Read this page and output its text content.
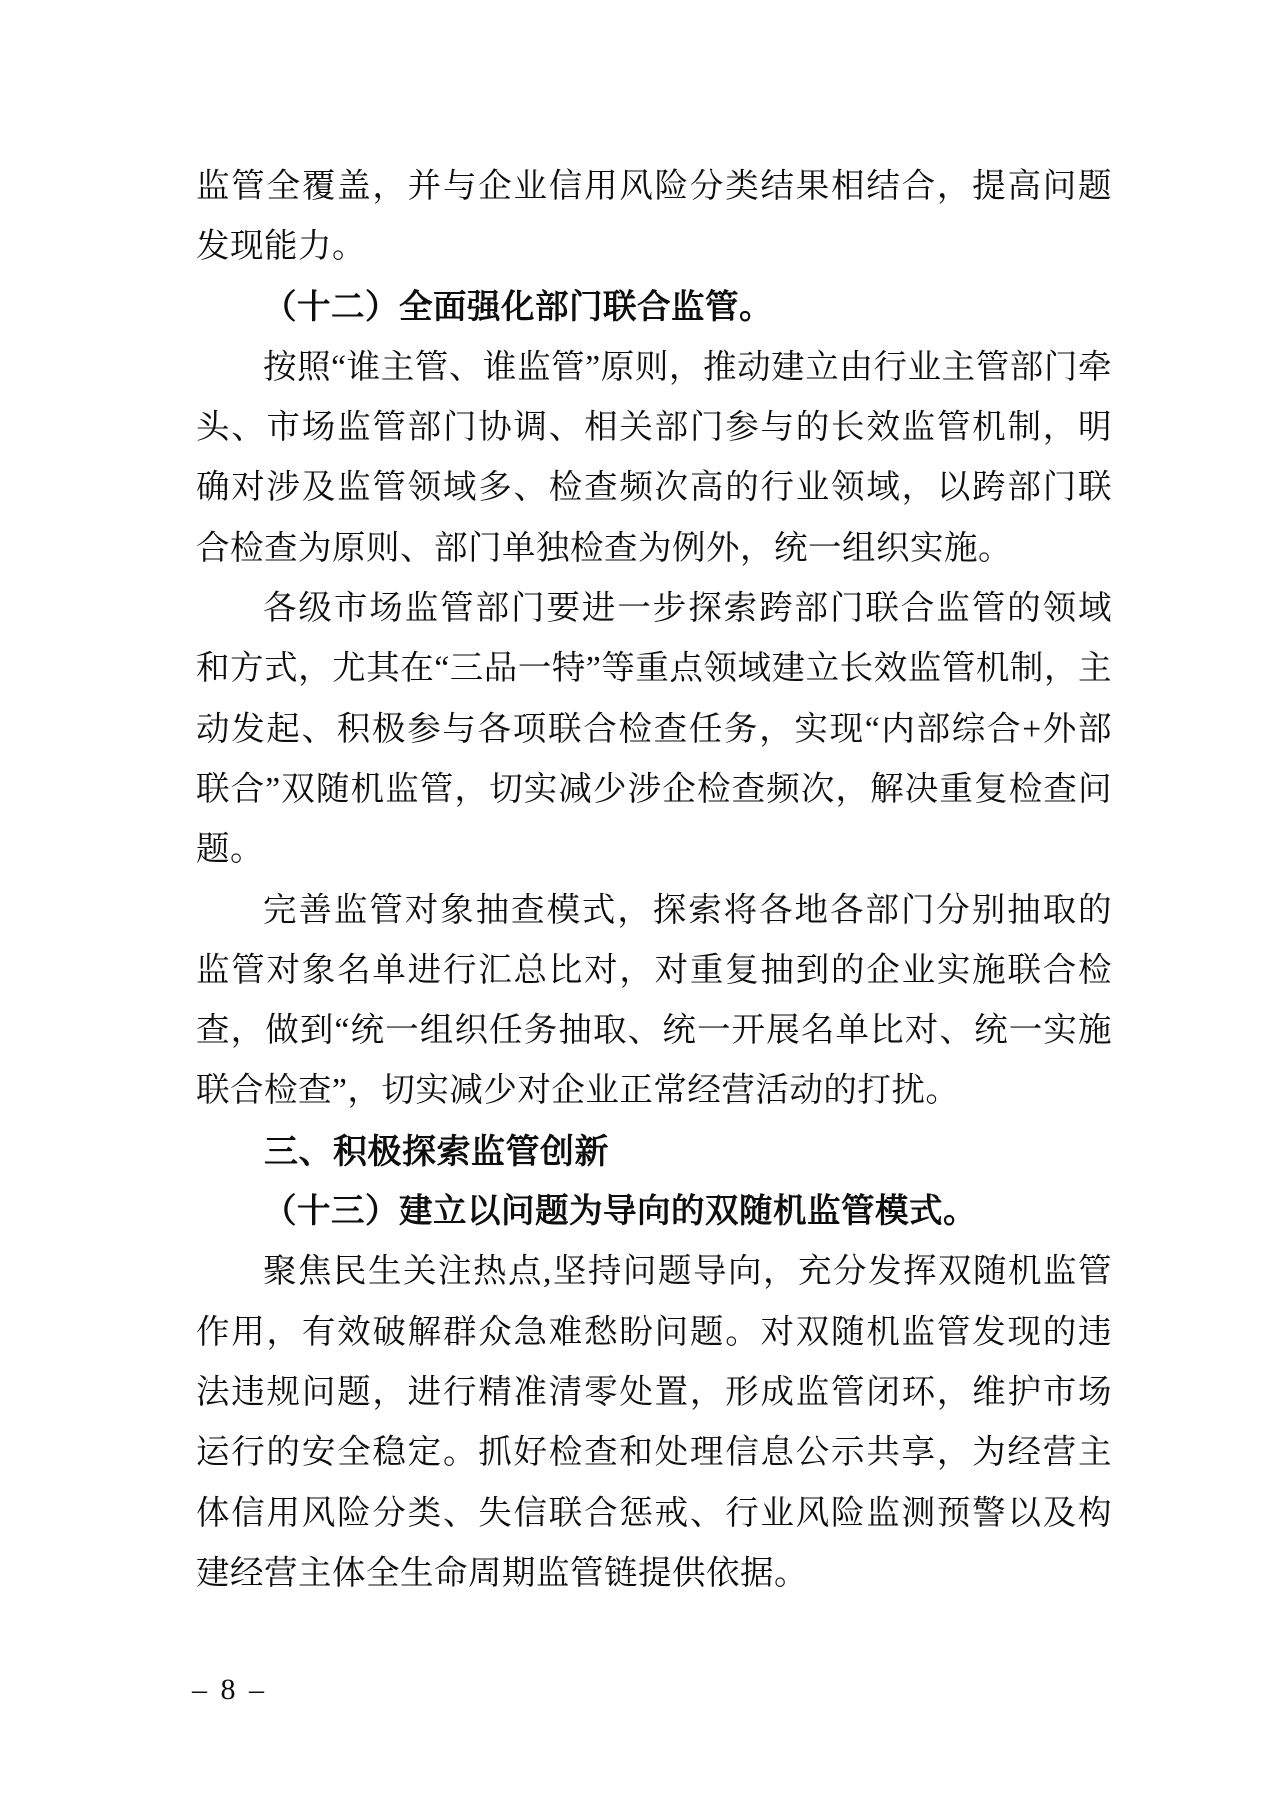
监管全覆盖，并与企业信用风险分类结果相结合，提高问题发现能力。

（十二）全面强化部门联合监管。

按照“谁主管、谁监管”原则，推动建立由行业主管部门牵头、市场监管部门协调、相关部门参与的长效监管机制，明确对涉及监管领域多、检查频次高的行业领域，以跨部门联合检查为原则、部门单独检查为例外，统一组织实施。

各级市场监管部门要进一步探索跨部门联合监管的领域和方式，尤其在“三品一特”等重点领域建立长效监管机制，主动发起、积极参与各项联合检查任务，实现“内部综合+外部联合”双随机监管，切实减少涉企检查频次，解决重复检查问题。

完善监管对象抽查模式，探索将各地各部门分别抽取的监管对象名单进行汇总比对，对重复抽到的企业实施联合检查，做到“统一组织任务抽取、统一开展名单比对、统一实施联合检查”，切实减少对企业正常经营活动的打扰。

三、积极探索监管创新

（十三）建立以问题为导向的双随机监管模式。

聚焦民生关注热点,坚持问题导向，充分发挥双随机监管作用，有效破解群众急难愁盼问题。对双随机监管发现的违法违规问题，进行精准清零处置，形成监管闭环，维护市场运行的安全稳定。抓好检查和处理信息公示共享，为经营主体信用风险分类、失信联合惩戒、行业风险监测预警以及构建经营主体全生命周期监管链提供依据。

– 8 –
